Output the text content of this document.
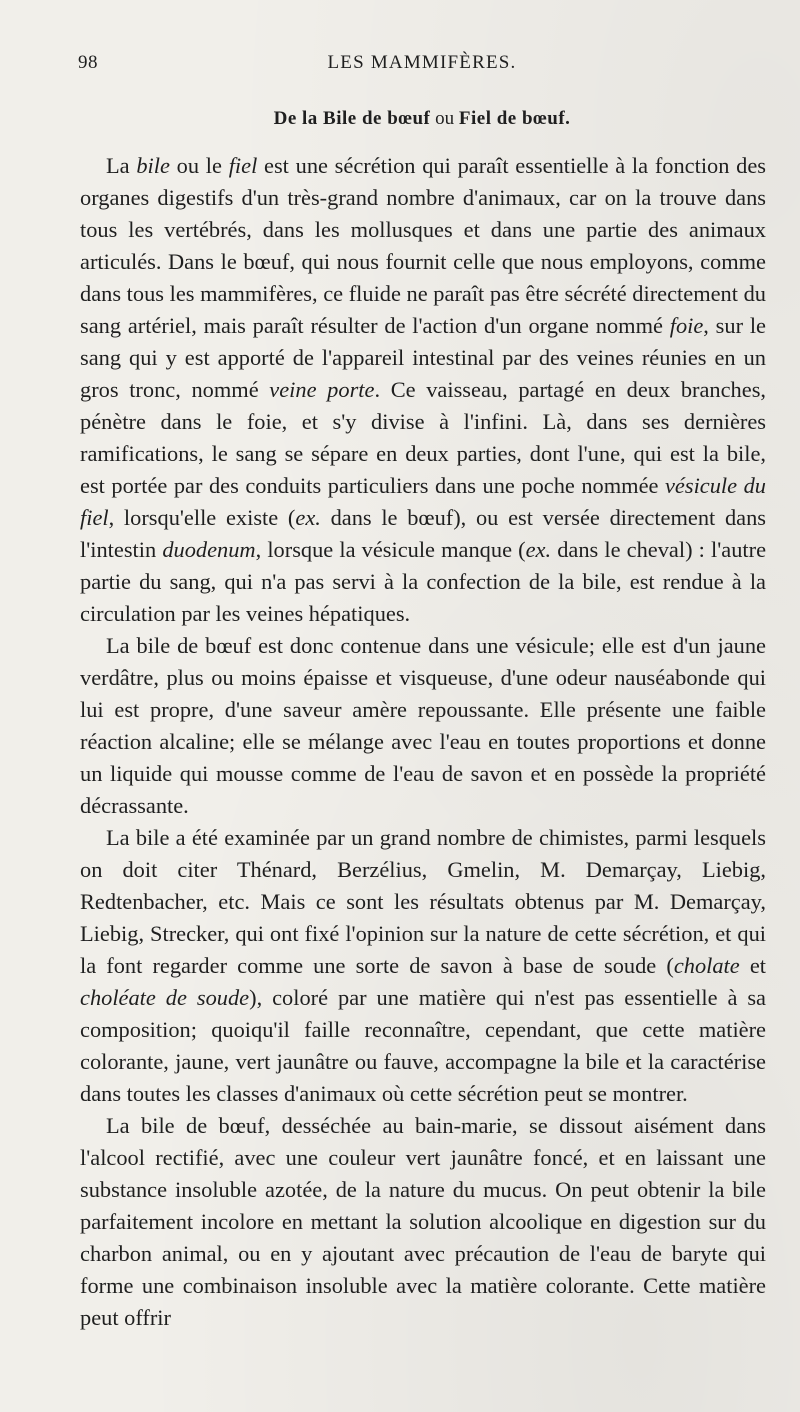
98	LES MAMMIFÈRES.
De la Bile de bœuf ou Fiel de bœuf.

La bile ou le fiel est une sécrétion qui paraît essentielle à la fonction des organes digestifs d'un très-grand nombre d'animaux, car on la trouve dans tous les vertébrés, dans les mollusques et dans une partie des animaux articulés. Dans le bœuf, qui nous fournit celle que nous employons, comme dans tous les mammifères, ce fluide ne paraît pas être sécrété directement du sang artériel, mais paraît résulter de l'action d'un organe nommé foie, sur le sang qui y est apporté de l'appareil intestinal par des veines réunies en un gros tronc, nommé veine porte. Ce vaisseau, partagé en deux branches, pénètre dans le foie, et s'y divise à l'infini. Là, dans ses dernières ramifications, le sang se sépare en deux parties, dont l'une, qui est la bile, est portée par des conduits particuliers dans une poche nommée vésicule du fiel, lorsqu'elle existe (ex. dans le bœuf), ou est versée directement dans l'intestin duodenum, lorsque la vésicule manque (ex. dans le cheval) : l'autre partie du sang, qui n'a pas servi à la confection de la bile, est rendue à la circulation par les veines hépatiques.

La bile de bœuf est donc contenue dans une vésicule; elle est d'un jaune verdâtre, plus ou moins épaisse et visqueuse, d'une odeur nauséabonde qui lui est propre, d'une saveur amère repoussante. Elle présente une faible réaction alcaline; elle se mélange avec l'eau en toutes proportions et donne un liquide qui mousse comme de l'eau de savon et en possède la propriété décrassante.

La bile a été examinée par un grand nombre de chimistes, parmi lesquels on doit citer Thénard, Berzélius, Gmelin, M. Demarçay, Liebig, Redtenbacher, etc. Mais ce sont les résultats obtenus par M. Demarçay, Liebig, Strecker, qui ont fixé l'opinion sur la nature de cette sécrétion, et qui la font regarder comme une sorte de savon à base de soude (cholate et choléate de soude), coloré par une matière qui n'est pas essentielle à sa composition; quoiqu'il faille reconnaître, cependant, que cette matière colorante, jaune, vert jaunâtre ou fauve, accompagne la bile et la caractérise dans toutes les classes d'animaux où cette sécrétion peut se montrer.

La bile de bœuf, desséchée au bain-marie, se dissout aisément dans l'alcool rectifié, avec une couleur vert jaunâtre foncé, et en laissant une substance insoluble azotée, de la nature du mucus. On peut obtenir la bile parfaitement incolore en mettant la solution alcoolique en digestion sur du charbon animal, ou en y ajoutant avec précaution de l'eau de baryte qui forme une combinaison insoluble avec la matière colorante. Cette matière peut offrir
